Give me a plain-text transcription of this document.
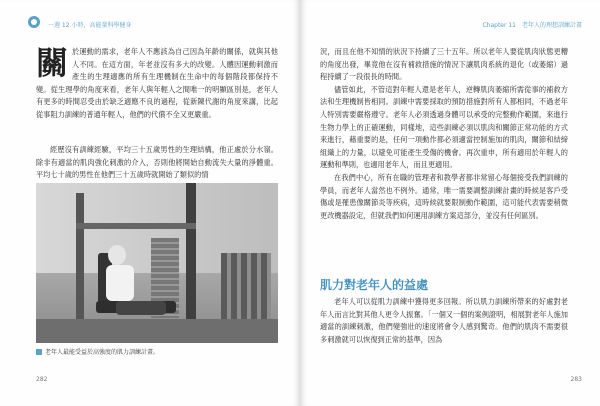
一週 12 小時，高能量科學健身

關 於運動的需求，老年人不應該為自己因為年齡的關係，就與其他人不同。在這方面，年老並沒有多大的改變。人體因運動刺激而產生的生理適應的所有生理機制在生命中的每個階段都保持不變。從生理學的角度來看，老年人與年輕人之間唯一的明顯區別是，老年人有更多的時間忍受由於缺乏適應不良的過程，從新陳代謝的角度來講，比起從事阻力訓練的普通年輕人，他們的代償不全又更嚴重。

經歷沒有訓練經驗，平均三十五歲男性的生理結構，他正處於分水嶺。除非有適當的肌肉強化刺激的介入，否則他將開始自動流失大量的淨體重。平均七十歲的男性在他們三十五歲時就開始了類似的情

老年人最能受益於高強度的肌力訓練計畫。
282
Chapter 11　老年人的理想訓練計畫

況，而且在他不知情的狀況下持續了三十五年。所以老年人要從肌肉狀態更糟的角度出發，畢竟他在沒有補救措施的情況下讓肌肉系統的退化（或萎縮）過程持續了一段很長的時間。

儘管如此，不管這對年輕人還是老年人，逆轉肌肉萎縮所需從事的補救方法和生理機制皆相同。訓練中需要採取的預防措施對所有人都相同，不過老年人特別需要嚴格遵守。老年人必須透過身體可以承受的完整動作範圍，來進行生物力學上的正確運動，同樣地，這些訓練必須以肌肉和關節正常功能的方式來進行，藉重要的是，任何一項動作都必須適當控制施加的肌肉，關節和結締組織上的力量，以避免可能產生受傷的機會。再次重申，所有適用於年輕人的運動和準則，也適用老年人，而且更適用。

在我們中心，所有在職的管理者和教學者都非常留心每個接受我們訓練的學員，而老年人當然也不例外。通常，唯一需要調整訓練計畫的時候是客戶受傷或是罹患像關節炎等疾病，這時候就要限制動作範圍，這可能代表需要稍微更改機器設定，但就我們如何運用訓練方案這部分，並沒有任何區別。

肌力對老年人的益處

老年人可以從肌力訓練中獲得更多回報。所以肌力訓練所帶來的好處對老年人而言比對其他人更令人振奮。「一個又一個的案例證明，相展對老年人施加適當的訓練刺激，他們變強壯的速度將會令人感到驚奇。他們的肌肉不需要很多刺激就可以恢復到正常的基準，因為

283
